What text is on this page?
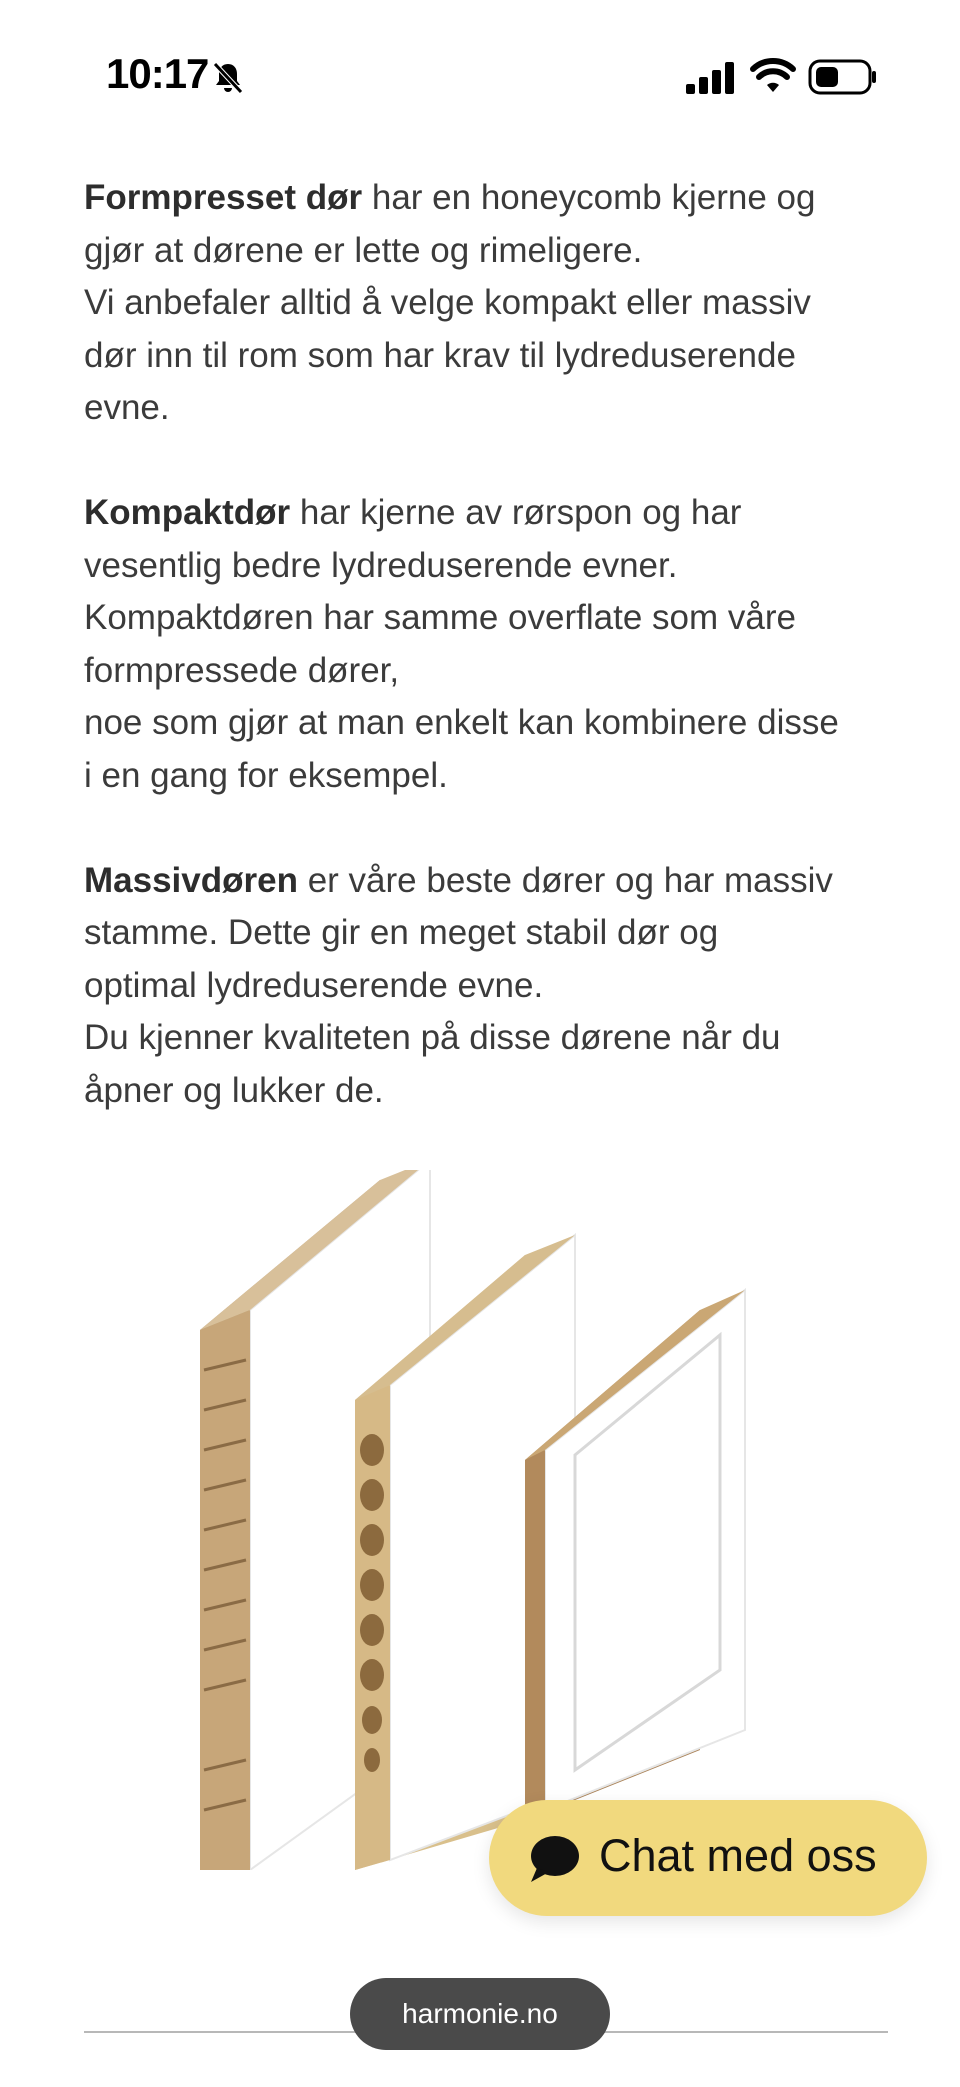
10:17

Formpresset dør har en honeycomb kjerne og
gjør at dørene er lette og rimeligere.
Vi anbefaler alltid å velge kompakt eller massiv
dør inn til rom som har krav til lydreduserende
evne.

Kompaktdør har kjerne av rørspon og har
vesentlig bedre lydreduserende evner.
Kompaktdøren har samme overflate som våre
formpressede dører,
noe som gjør at man enkelt kan kombinere disse
i en gang for eksempel.

Massivdøren er våre beste dører og har massiv
stamme. Dette gir en meget stabil dør og
optimal lydreduserende evne.
Du kjenner kvaliteten på disse dørene når du
åpner og lukker de.

Chat med oss
harmonie.no
